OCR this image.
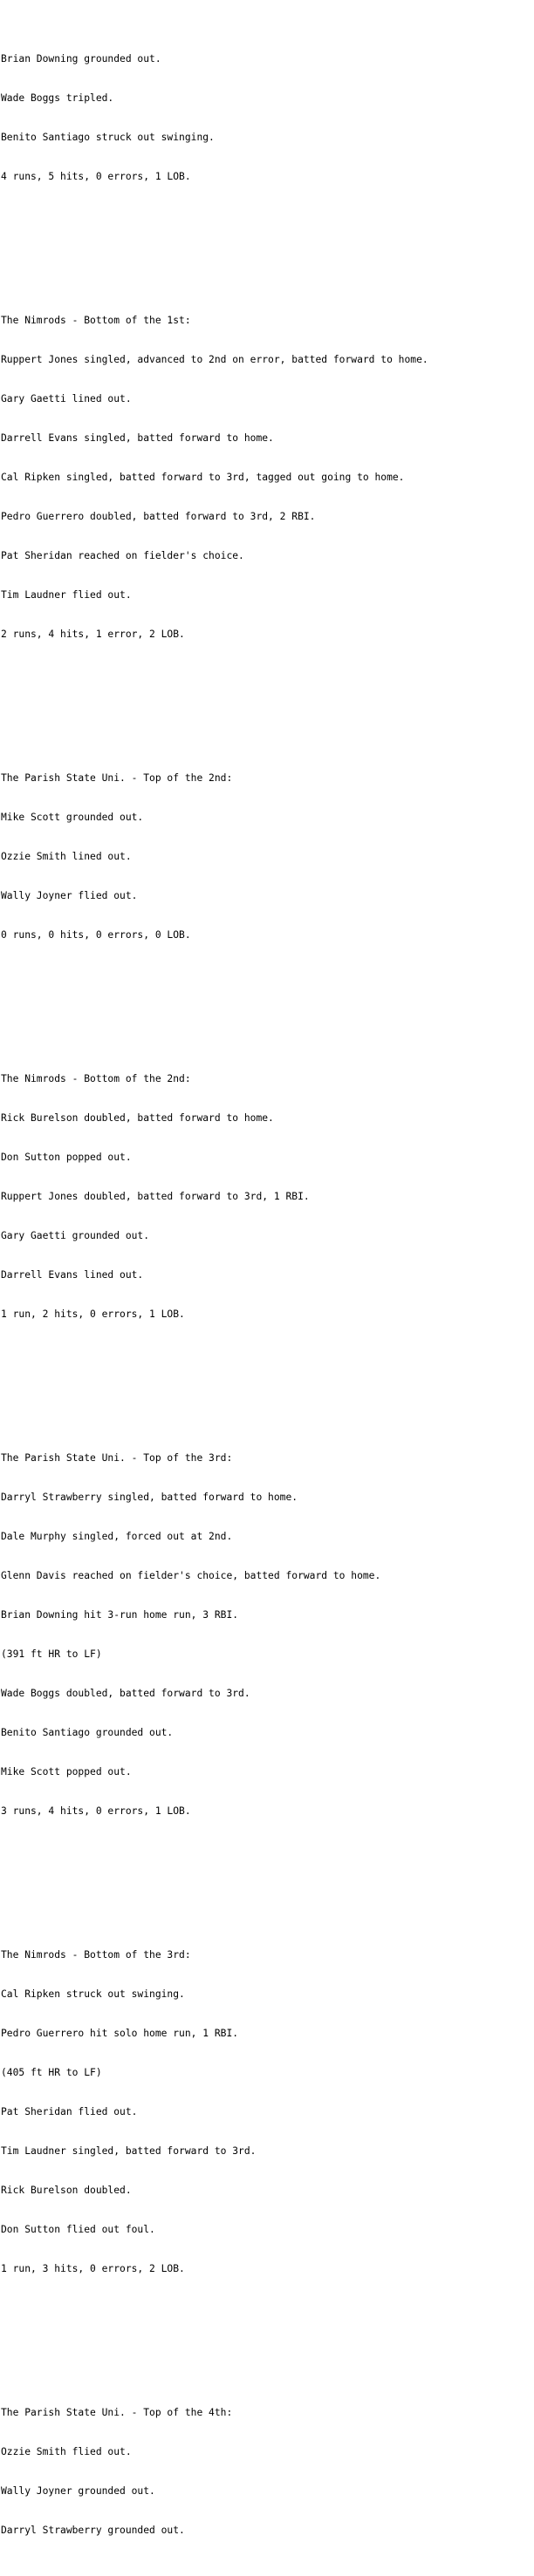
Brian Downing grounded out.

Wade Boggs tripled.

Benito Santiago struck out swinging.

4 runs, 5 hits, 0 errors, 1 LOB.

The Nimrods - Bottom of the 1st:

Ruppert Jones singled, advanced to 2nd on error, batted forward to home.

Gary Gaetti lined out.

Darrell Evans singled, batted forward to home.

Cal Ripken singled, batted forward to 3rd, tagged out going to home.

Pedro Guerrero doubled, batted forward to 3rd, 2 RBI.

Pat Sheridan reached on fielder's choice.

Tim Laudner flied out.

2 runs, 4 hits, 1 error, 2 LOB.

The Parish State Uni. - Top of the 2nd:

Mike Scott grounded out.

Ozzie Smith lined out.

Wally Joyner flied out.

0 runs, 0 hits, 0 errors, 0 LOB.

The Nimrods - Bottom of the 2nd:

Rick Burelson doubled, batted forward to home.

Don Sutton popped out.

Ruppert Jones doubled, batted forward to 3rd, 1 RBI.

Gary Gaetti grounded out.

Darrell Evans lined out.

1 run, 2 hits, 0 errors, 1 LOB.

The Parish State Uni. - Top of the 3rd:

Darryl Strawberry singled, batted forward to home.

Dale Murphy singled, forced out at 2nd.

Glenn Davis reached on fielder's choice, batted forward to home.

Brian Downing hit 3-run home run, 3 RBI.

(391 ft HR to LF)

Wade Boggs doubled, batted forward to 3rd.

Benito Santiago grounded out.

Mike Scott popped out.

3 runs, 4 hits, 0 errors, 1 LOB.

The Nimrods - Bottom of the 3rd:

Cal Ripken struck out swinging.

Pedro Guerrero hit solo home run, 1 RBI.

(405 ft HR to LF)

Pat Sheridan flied out.

Tim Laudner singled, batted forward to 3rd.

Rick Burelson doubled.

Don Sutton flied out foul.

1 run, 3 hits, 0 errors, 2 LOB.

The Parish State Uni. - Top of the 4th:

Ozzie Smith flied out.

Wally Joyner grounded out.

Darryl Strawberry grounded out.
